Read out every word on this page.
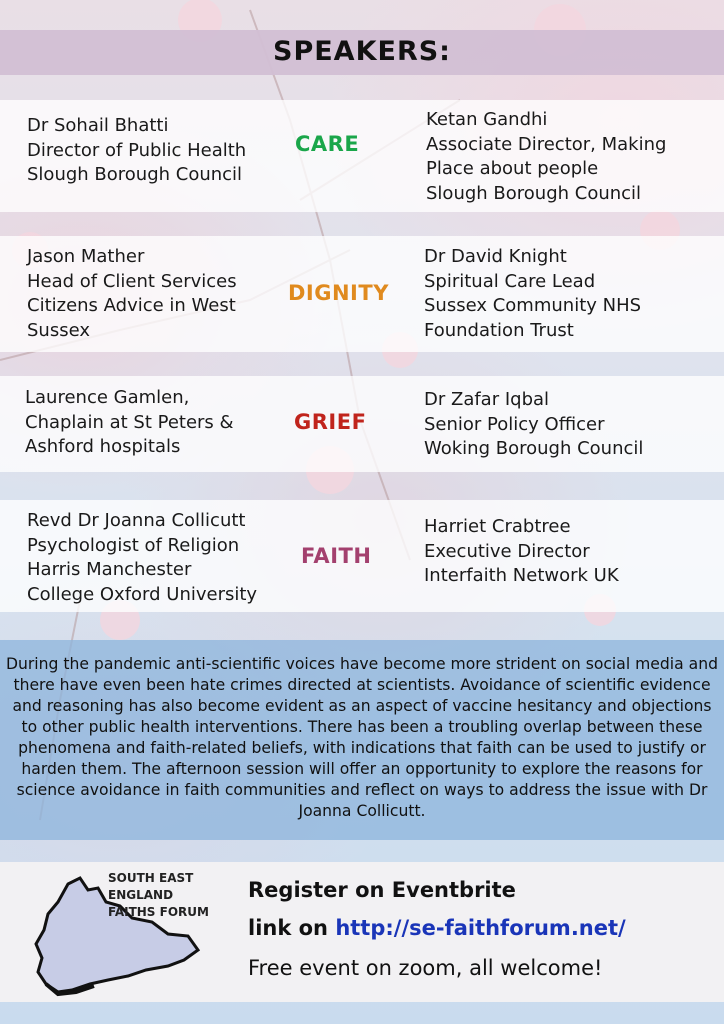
SPEAKERS:
Dr Sohail Bhatti
Director of Public Health
Slough Borough Council
CARE
Ketan Gandhi
Associate Director, Making
Place about people
Slough Borough Council
Jason Mather
Head of Client Services
Citizens Advice in West
Sussex
DIGNITY
Dr David Knight
Spiritual Care Lead
Sussex Community NHS
Foundation Trust
Laurence Gamlen,
Chaplain at St Peters &
Ashford hospitals
GRIEF
Dr Zafar Iqbal
Senior Policy Officer
Woking Borough Council
Revd Dr Joanna Collicutt
Psychologist of Religion
Harris Manchester
College Oxford University
FAITH
Harriet Crabtree
Executive Director
Interfaith Network UK
During the pandemic anti-scientific voices have become more strident on social media and there have even been hate crimes directed at scientists. Avoidance of scientific evidence and reasoning has also become evident as an aspect of vaccine hesitancy and objections to other public health interventions. There has been a troubling overlap between these phenomena and faith-related beliefs, with indications that faith can be used to justify or harden them. The afternoon session will offer an opportunity to explore the reasons for science avoidance in faith communities and reflect on ways to address the issue with Dr Joanna Collicutt.
SOUTH EAST
ENGLAND
FAITHS FORUM
Register on Eventbrite
link on http://se-faithforum.net/
Free event on zoom, all welcome!
